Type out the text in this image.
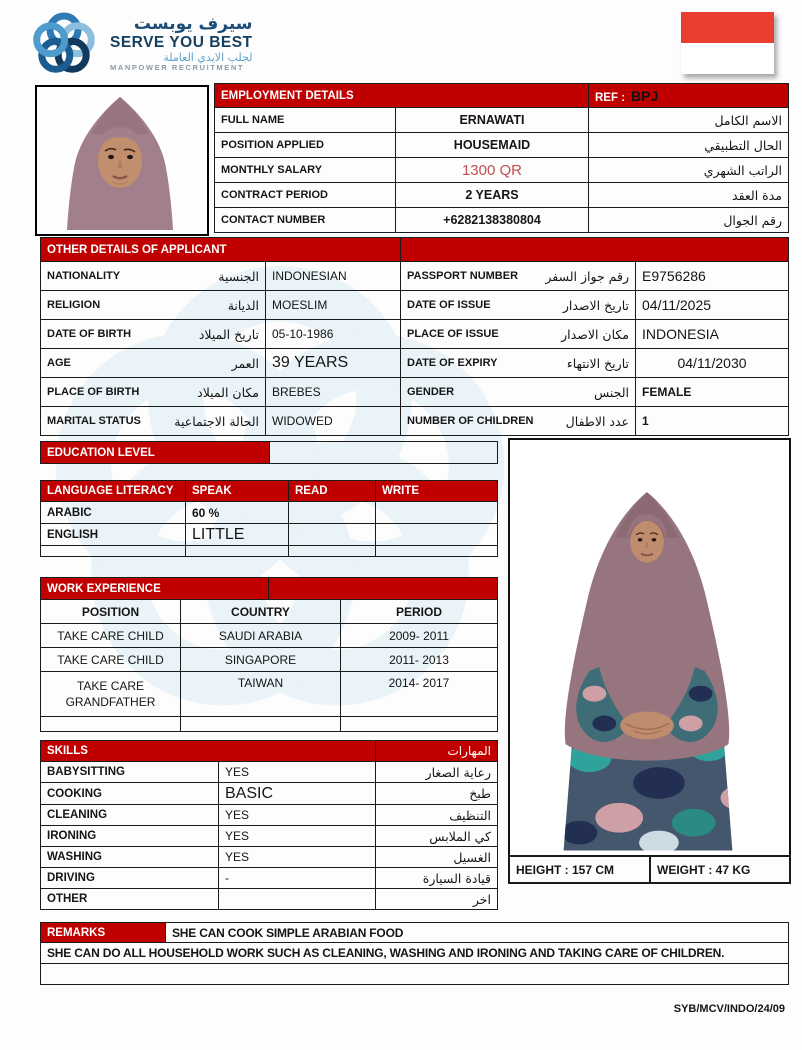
سيرف يوبست
SERVE YOU BEST
لجلب الايدي العاملة
MANPOWER RECRUITMENT
EMPLOYMENT DETAILS		REF : BPJ
FULL NAME	ERNAWATI	الاسم الكامل
POSITION APPLIED	HOUSEMAID	الحال التطبيقي
MONTHLY SALARY	1300 QR	الراتب الشهري
CONTRACT PERIOD	2 YEARS	مدة العقد
CONTACT NUMBER	+6282138380804	رقم الجوال
OTHER DETAILS OF APPLICANT			

NATIONALITY الجنسية	INDONESIAN	PASSPORT NUMBER رقم جواز السفر	E9756286

RELIGION الديانة	MOESLIM	DATE OF ISSUE تاريخ الاصدار	04/11/2025

DATE OF BIRTH تاريخ الميلاد	05-10-1986	PLACE OF ISSUE مكان الاصدار	INDONESIA

AGE العمر	39 YEARS	DATE OF EXPIRY تاريخ الانتهاء	04/11/2030

PLACE OF BIRTH مكان الميلاد	BREBES	GENDER الجنس	FEMALE

MARITAL STATUS الحالة الاجتماعية	WIDOWED	NUMBER OF CHILDREN عدد الاطفال	1
EDUCATION LEVEL	
LANGUAGE LITERACY	SPEAK	READ	WRITE
ARABIC	60 %		
ENGLISH	LITTLE		

WORK EXPERIENCE	
POSITION	COUNTRY	PERIOD
TAKE CARE CHILD	SAUDI ARABIA	2009- 2011
TAKE CARE CHILD	SINGAPORE	2011- 2013
TAKE CARE GRANDFATHER	TAIWAN	2014- 2017

SKILLS		المهارات
BABYSITTING	YES	رعاية الصغار
COOKING	BASIC	طبخ
CLEANING	YES	التنظيف
IRONING	YES	كي الملابس
WASHING	YES	الغسيل
DRIVING	-	قيادة السيارة
OTHER		اخر
HEIGHT : 157 CM	WEIGHT : 47 KG
REMARKS	SHE CAN COOK SIMPLE ARABIAN FOOD
SHE CAN DO ALL HOUSEHOLD WORK SUCH AS CLEANING, WASHING AND IRONING AND TAKING CARE OF CHILDREN.

SYB/MCV/INDO/24/09
